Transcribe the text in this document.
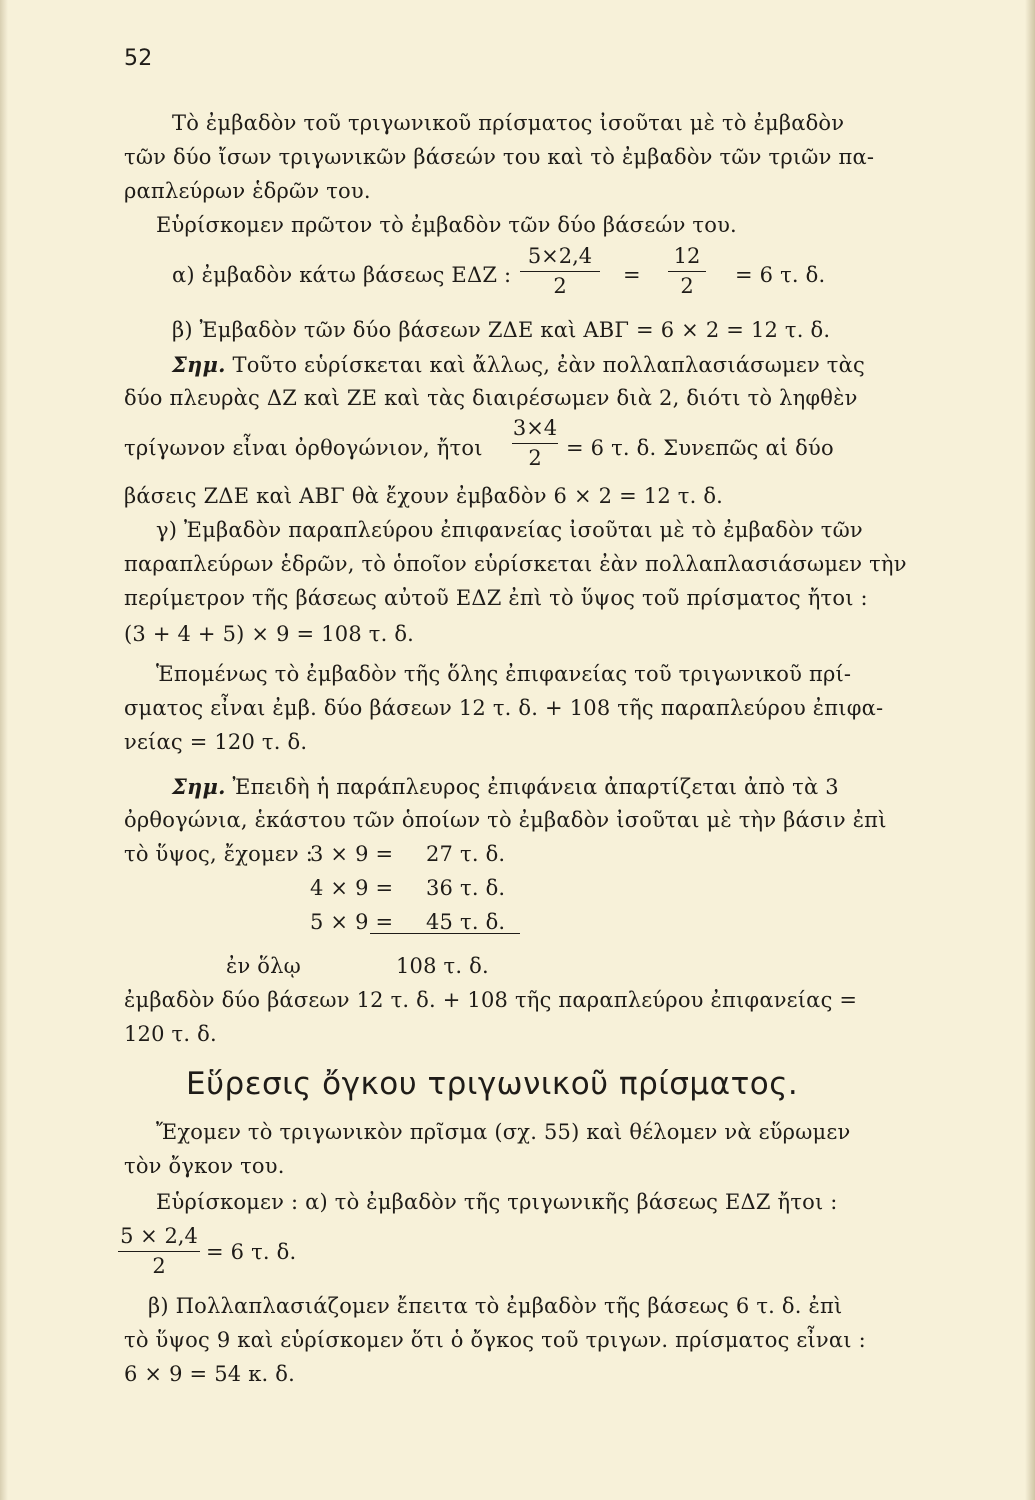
52
Τὸ ἐμβαδὸν τοῦ τριγωνικοῦ πρίσματος ἰσοῦται μὲ τὸ ἐμβαδὸν
τῶν δύο ἴσων τριγωνικῶν βάσεών του καὶ τὸ ἐμβαδὸν τῶν τριῶν πα-
ραπλεύρων ἑδρῶν του.
Εὑρίσκομεν πρῶτον τὸ ἐμβαδὸν τῶν δύο βάσεών του.
α) ἐμβαδὸν κάτω βάσεως ΕΔΖ :
5×2,4
2	=
12
2	= 6 τ. δ.
β) Ἐμβαδὸν τῶν δύο βάσεων ΖΔΕ καὶ ΑΒΓ = 6 × 2 = 12 τ. δ.
Σημ. Τοῦτο εὑρίσκεται καὶ ἄλλως, ἐὰν πολλαπλασιάσωμεν τὰς
δύο πλευρὰς ΔΖ καὶ ΖΕ καὶ τὰς διαιρέσωμεν διὰ 2, διότι τὸ ληφθὲν
τρίγωνον εἶναι ὀρθογώνιον, ἤτοι
3×4
2	= 6 τ. δ. Συνεπῶς αἱ δύο
βάσεις ΖΔΕ καὶ ΑΒΓ θὰ ἔχουν ἐμβαδὸν 6 × 2 = 12 τ. δ.
γ) Ἐμβαδὸν παραπλεύρου ἐπιφανείας ἰσοῦται μὲ τὸ ἐμβαδὸν τῶν
παραπλεύρων ἑδρῶν, τὸ ὁποῖον εὑρίσκεται ἐὰν πολλαπλασιάσωμεν τὴν
περίμετρον τῆς βάσεως αὐτοῦ ΕΔΖ ἐπὶ τὸ ὕψος τοῦ πρίσματος ἤτοι :
(3 + 4 + 5) × 9 = 108 τ. δ.
Ἑπομένως τὸ ἐμβαδὸν τῆς ὅλης ἐπιφανείας τοῦ τριγωνικοῦ πρί-
σματος εἶναι ἐμβ. δύο βάσεων 12 τ. δ. + 108 τῆς παραπλεύρου ἐπιφα-
νείας = 120 τ. δ.
Σημ. Ἐπειδὴ ἡ παράπλευρος ἐπιφάνεια ἀπαρτίζεται ἀπὸ τὰ 3
ὀρθογώνια, ἑκάστου τῶν ὁποίων τὸ ἐμβαδὸν ἰσοῦται μὲ τὴν βάσιν ἐπὶ
τὸ ὕψος, ἔχομεν :
3 × 9 = 27 τ. δ.
4 × 9 = 36 τ. δ.
5 × 9 = 45 τ. δ.
ἐν ὅλῳ	108 τ. δ.
ἐμβαδὸν δύο βάσεων 12 τ. δ. + 108 τῆς παραπλεύρου ἐπιφανείας =
120 τ. δ.
Εὕρεσις ὄγκου τριγωνικοῦ πρίσματος.
Ἔχομεν τὸ τριγωνικὸν πρῖσμα (σχ. 55) καὶ θέλομεν νὰ εὕρωμεν
τὸν ὄγκον του.
Εὑρίσκομεν : α) τὸ ἐμβαδὸν τῆς τριγωνικῆς βάσεως ΕΔΖ ἤτοι :
5 × 2,4
2
= 6 τ. δ.
β) Πολλαπλασιάζομεν ἔπειτα τὸ ἐμβαδὸν τῆς βάσεως 6 τ. δ. ἐπὶ
τὸ ὕψος 9 καὶ εὑρίσκομεν ὅτι ὁ ὄγκος τοῦ τριγων. πρίσματος εἶναι :
6 × 9 = 54 κ. δ.
